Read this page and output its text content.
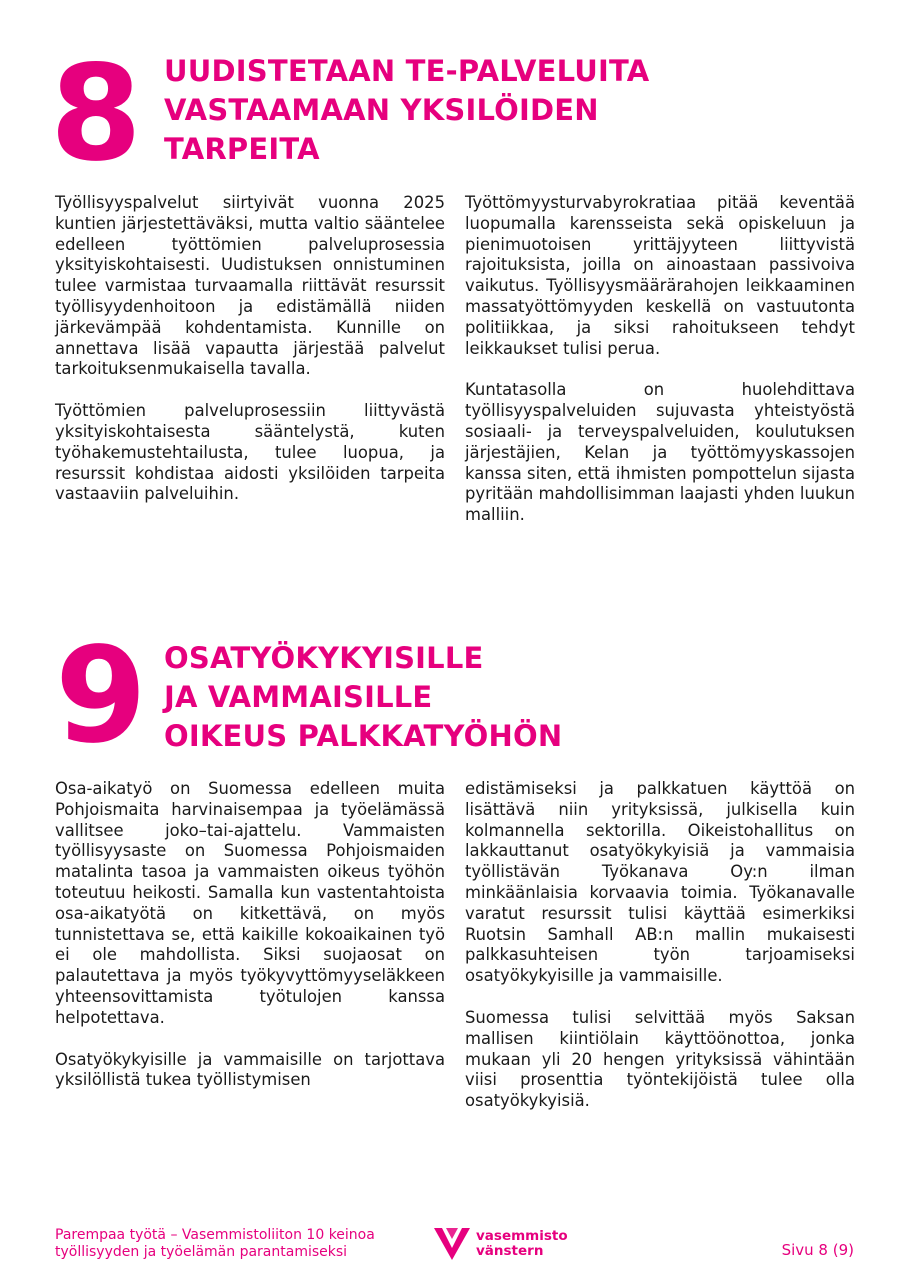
8 UUDISTETAAN TE-PALVELUITA
VASTAAMAAN YKSILÖIDEN
TARPEITA

Työllisyyspalvelut siirtyivät vuonna 2025 kuntien järjestettäväksi, mutta valtio sääntelee edelleen työttömien palveluprosessia yksityiskohtaisesti. Uudistuksen onnistuminen tulee varmistaa turvaamalla riittävät resurssit työllisyydenhoitoon ja edistämällä niiden järkevämpää kohdentamista. Kunnille on annettava lisää vapautta järjestää palvelut tarkoituksenmukaisella tavalla.

Työttömien palveluprosessiin liittyvästä yksityiskohtaisesta sääntelystä, kuten työhakemustehtailusta, tulee luopua, ja resurssit kohdistaa aidosti yksilöiden tarpeita vastaaviin palveluihin.

Työttömyysturvabyrokratiaa pitää keventää luopumalla karensseista sekä opiskeluun ja pienimuotoisen yrittäjyyteen liittyvistä rajoituksista, joilla on ainoastaan passivoiva vaikutus. Työllisyysmäärärahojen leikkaaminen massatyöttömyyden keskellä on vastuutonta politiikkaa, ja siksi rahoitukseen tehdyt leikkaukset tulisi perua.

Kuntatasolla on huolehdittava työllisyyspalveluiden sujuvasta yhteistyöstä sosiaali- ja terveyspalveluiden, koulutuksen järjestäjien, Kelan ja työttömyyskassojen kanssa siten, että ihmisten pompottelun sijasta pyritään mahdollisimman laajasti yhden luukun malliin.

9 OSATYÖKYKYISILLE
JA VAMMAISILLE
OIKEUS PALKKATYÖHÖN

Osa-aikatyö on Suomessa edelleen muita Pohjoismaita harvinaisempaa ja työelämässä vallitsee joko–tai-ajattelu. Vammaisten työllisyysaste on Suomessa Pohjoismaiden matalinta tasoa ja vammaisten oikeus työhön toteutuu heikosti. Samalla kun vastentahtoista osa-aikatyötä on kitkettävä, on myös tunnistettava se, että kaikille kokoaikainen työ ei ole mahdollista. Siksi suojaosat on palautettava ja myös työkyvyttömyyseläkkeen yhteensovittamista työtulojen kanssa helpotettava.

Osatyökykyisille ja vammaisille on tarjottava yksilöllistä tukea työllistymisen

edistämiseksi ja palkkatuen käyttöä on lisättävä niin yrityksissä, julkisella kuin kolmannella sektorilla. Oikeistohallitus on lakkauttanut osatyökykyisiä ja vammaisia työllistävän Työkanava Oy:n ilman minkäänlaisia korvaavia toimia. Työkanavalle varatut resurssit tulisi käyttää esimerkiksi Ruotsin Samhall AB:n mallin mukaisesti palkkasuhteisen työn tarjoamiseksi osatyökykyisille ja vammaisille.

Suomessa tulisi selvittää myös Saksan mallisen kiintiölain käyttöönottoa, jonka mukaan yli 20 hengen yrityksissä vähintään viisi prosenttia työntekijöistä tulee olla osatyökykyisiä.

Parempaa työtä – Vasemmistoliiton 10 keinoa
työllisyyden ja työelämän parantamiseksi
vasemmisto
vänstern	Sivu 8 (9)
